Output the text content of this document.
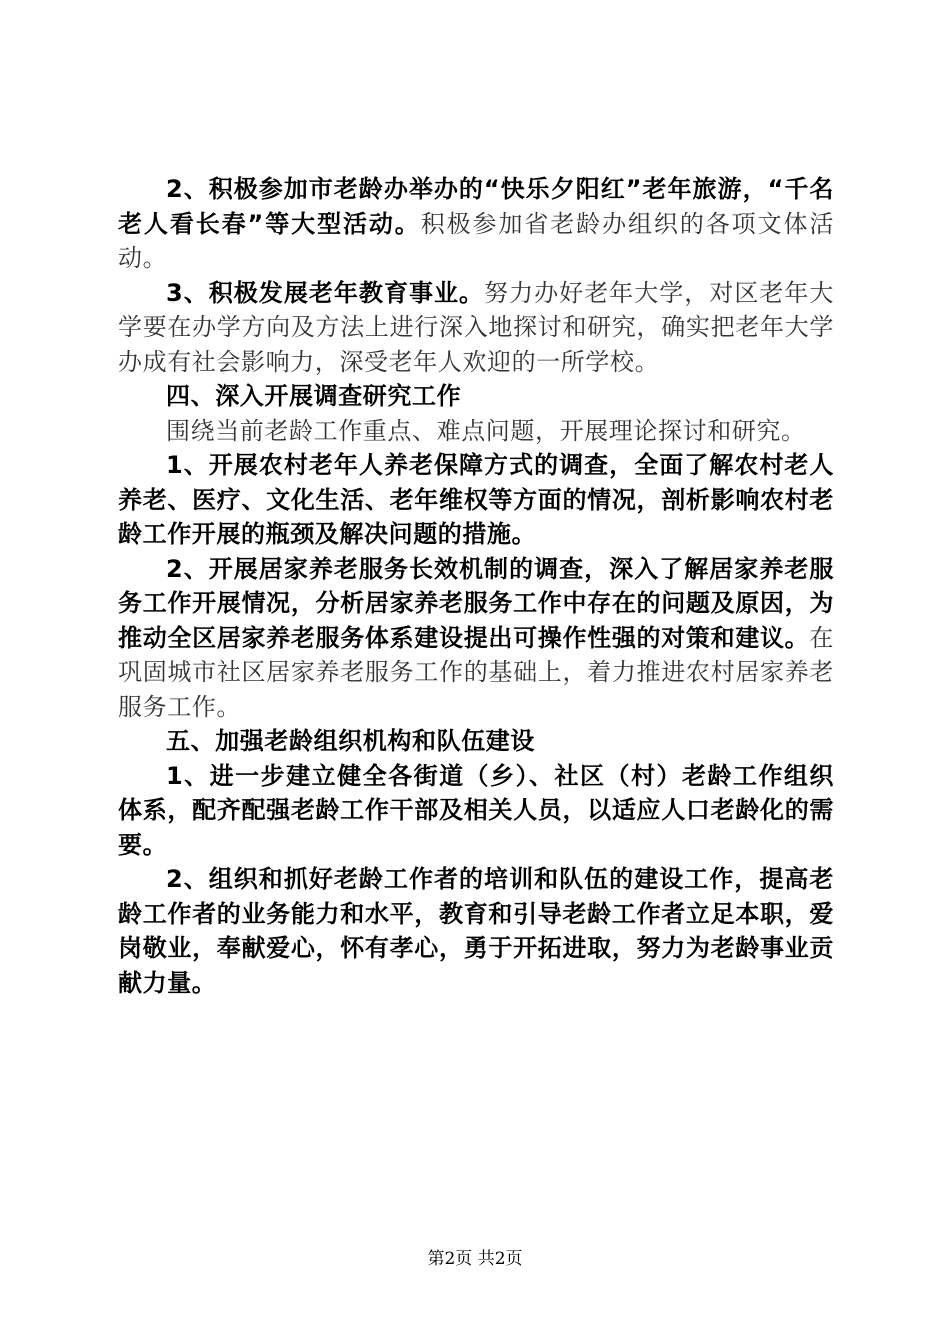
2、积极参加市老龄办举办的“快乐夕阳红”老年旅游，“千名老人看长春”等大型活动。积极参加省老龄办组织的各项文体活动。

3、积极发展老年教育事业。努力办好老年大学，对区老年大学要在办学方向及方法上进行深入地探讨和研究，确实把老年大学办成有社会影响力，深受老年人欢迎的一所学校。

四、深入开展调查研究工作

围绕当前老龄工作重点、难点问题，开展理论探讨和研究。

1、开展农村老年人养老保障方式的调查，全面了解农村老人养老、医疗、文化生活、老年维权等方面的情况，剖析影响农村老龄工作开展的瓶颈及解决问题的措施。

2、开展居家养老服务长效机制的调查，深入了解居家养老服务工作开展情况，分析居家养老服务工作中存在的问题及原因，为推动全区居家养老服务体系建设提出可操作性强的对策和建议。在巩固城市社区居家养老服务工作的基础上，着力推进农村居家养老服务工作。

五、加强老龄组织机构和队伍建设

1、进一步建立健全各街道（乡）、社区（村）老龄工作组织体系，配齐配强老龄工作干部及相关人员，以适应人口老龄化的需要。

2、组织和抓好老龄工作者的培训和队伍的建设工作，提高老龄工作者的业务能力和水平，教育和引导老龄工作者立足本职，爱岗敬业，奉献爱心，怀有孝心，勇于开拓进取，努力为老龄事业贡献力量。

第2页 共2页
